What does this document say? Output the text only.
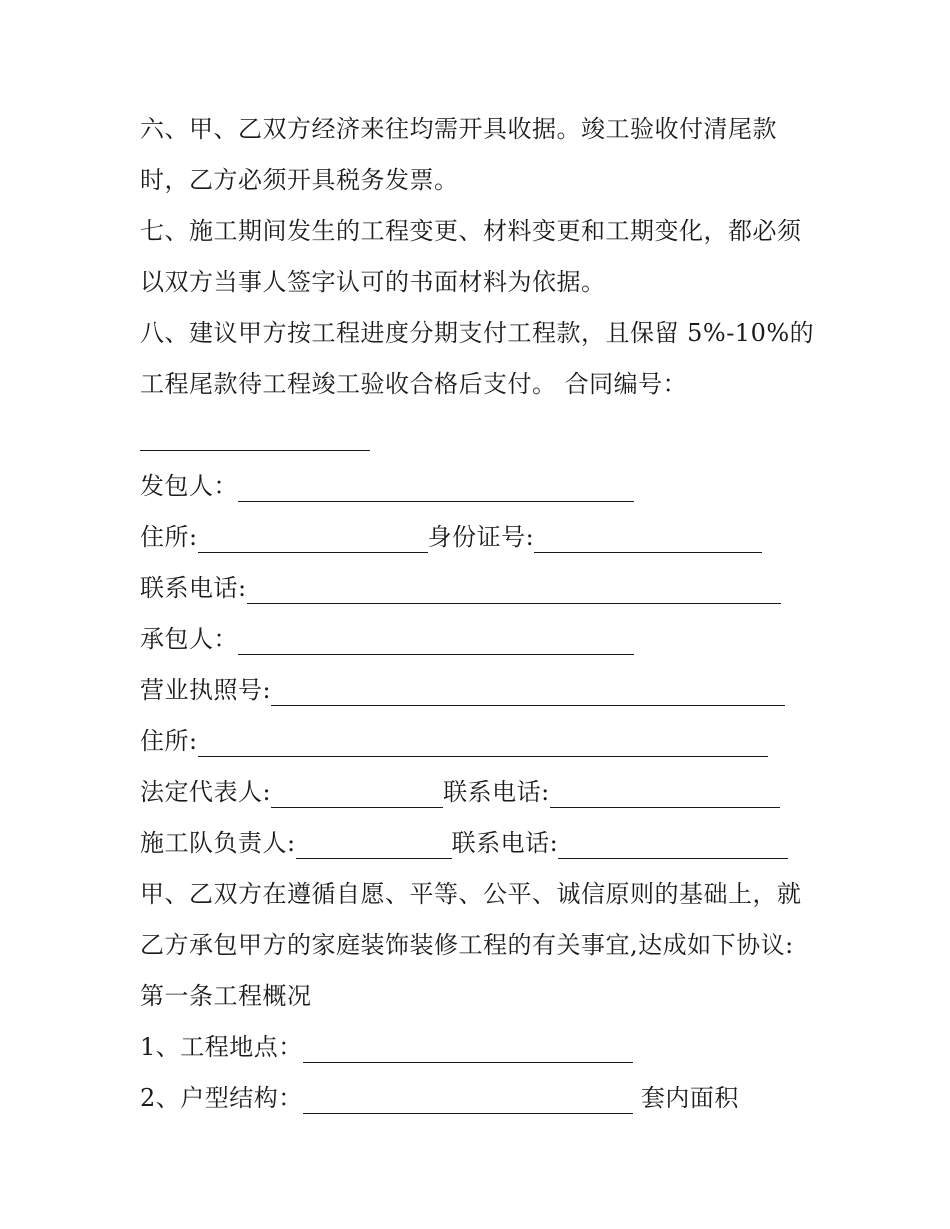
六、甲、乙双方经济来往均需开具收据。竣工验收付清尾款
时，乙方必须开具税务发票。
七、施工期间发生的工程变更、材料变更和工期变化，都必须
以双方当事人签字认可的书面材料为依据。
八、建议甲方按工程进度分期支付工程款，且保留 5%-10%的
工程尾款待工程竣工验收合格后支付。 合同编号：
发包人：
住所:	身份证号:
联系电话:
承包人：
营业执照号:
住所:
法定代表人:	联系电话:
施工队负责人:	联系电话:
甲、乙双方在遵循自愿、平等、公平、诚信原则的基础上，就
乙方承包甲方的家庭装饰装修工程的有关事宜,达成如下协议:
第一条工程概况
1、工程地点：
2、户型结构：	套内面积
